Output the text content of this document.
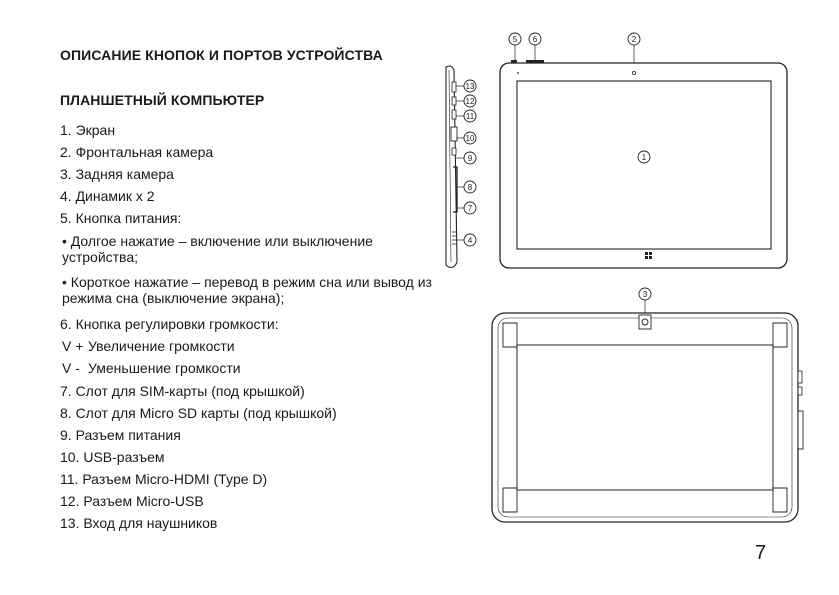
ОПИСАНИЕ КНОПОК И ПОРТОВ УСТРОЙСТВА
ПЛАНШЕТНЫЙ КОМПЬЮТЕР
1. Экран
2. Фронтальная камера
3. Задняя камера
4. Динамик x 2
5. Кнопка питания:
• Долгое нажатие – включение или выключение устройства;
• Короткое нажатие – перевод в режим сна или вывод из режима сна (выключение экрана);
6. Кнопка регулировки громкости:
V + Увеличение громкости
V - Уменьшение громкости
7. Слот для SIM-карты (под крышкой)
8. Слот для Micro SD карты (под крышкой)
9. Разъем питания
10. USB-разъем
11. Разъем Micro-HDMI (Type D)
12. Разъем Micro-USB
13. Вход для наушников
13
12
11
10
9
8
7
4
5 6	2
1
3
7
